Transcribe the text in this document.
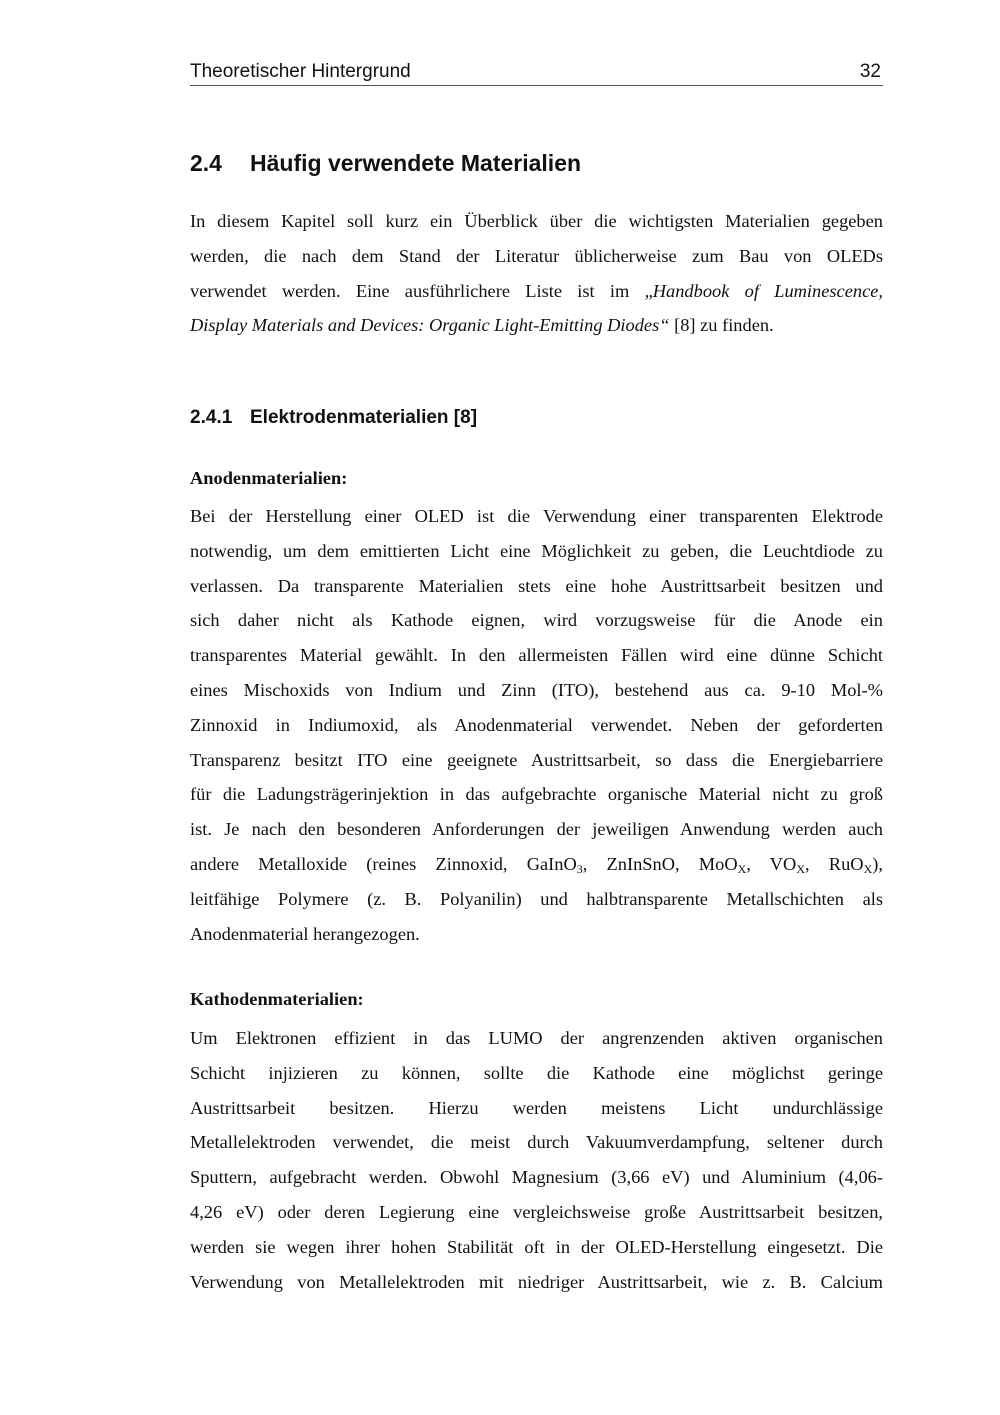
Theoretischer Hintergrund	32
2.4 Häufig verwendete Materialien
In diesem Kapitel soll kurz ein Überblick über die wichtigsten Materialien gegeben
werden, die nach dem Stand der Literatur üblicherweise zum Bau von OLEDs
verwendet werden. Eine ausführlichere Liste ist im „Handbook of Luminescence,
Display Materials and Devices: Organic Light-Emitting Diodes“ [8] zu finden.
2.4.1 Elektrodenmaterialien [8]
Anodenmaterialien:
Bei der Herstellung einer OLED ist die Verwendung einer transparenten Elektrode
notwendig, um dem emittierten Licht eine Möglichkeit zu geben, die Leuchtdiode zu
verlassen. Da transparente Materialien stets eine hohe Austrittsarbeit besitzen und
sich daher nicht als Kathode eignen, wird vorzugsweise für die Anode ein
transparentes Material gewählt. In den allermeisten Fällen wird eine dünne Schicht
eines Mischoxids von Indium und Zinn (ITO), bestehend aus ca. 9-10 Mol-%
Zinnoxid in Indiumoxid, als Anodenmaterial verwendet. Neben der geforderten
Transparenz besitzt ITO eine geeignete Austrittsarbeit, so dass die Energiebarriere
für die Ladungsträgerinjektion in das aufgebrachte organische Material nicht zu groß
ist. Je nach den besonderen Anforderungen der jeweiligen Anwendung werden auch
andere Metalloxide (reines Zinnoxid, GaInO$_3$, ZnInSnO, MoO$_X$, $VO_X$, RuO$_X$),
leitfähige Polymere (z. B. Polyanilin) und halbtransparente Metallschichten als
Anodenmaterial herangezogen.
Kathodenmaterialien:
Um Elektronen effizient in das LUMO der angrenzenden aktiven organischen
Schicht injizieren zu können, sollte die Kathode eine möglichst geringe
Austrittsarbeit besitzen. Hierzu werden meistens Licht undurchlässige
Metallelektroden verwendet, die meist durch Vakuumverdampfung, seltener durch
Sputtern, aufgebracht werden. Obwohl Magnesium (3,66 eV) und Aluminium (4,06-
4,26 eV) oder deren Legierung eine vergleichsweise große Austrittsarbeit besitzen,
werden sie wegen ihrer hohen Stabilität oft in der OLED-Herstellung eingesetzt. Die
Verwendung von Metallelektroden mit niedriger Austrittsarbeit, wie z. B. Calcium
